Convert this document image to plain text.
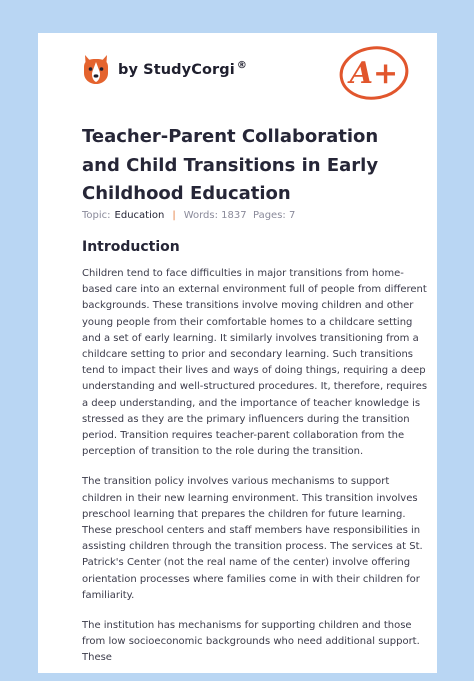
by StudyCorgi ®	A+
Teacher-Parent Collaboration and Child Transitions in Early Childhood Education
Topic: Education | Words: 1837 Pages: 7
Introduction

Children tend to face difficulties in major transitions from home-based care into an external environment full of people from different backgrounds. These transitions involve moving children and other young people from their comfortable homes to a childcare setting and a set of early learning. It similarly involves transitioning from a childcare setting to prior and secondary learning. Such transitions tend to impact their lives and ways of doing things, requiring a deep understanding and well-structured procedures. It, therefore, requires a deep understanding, and the importance of teacher knowledge is stressed as they are the primary influencers during the transition period. Transition requires teacher-parent collaboration from the perception of transition to the role during the transition.

The transition policy involves various mechanisms to support children in their new learning environment. This transition involves preschool learning that prepares the children for future learning. These preschool centers and staff members have responsibilities in assisting children through the transition process. The services at St. Patrick's Center (not the real name of the center) involve offering orientation processes where families come in with their children for familiarity.

The institution has mechanisms for supporting children and those from low socioeconomic backgrounds who need additional support. These
